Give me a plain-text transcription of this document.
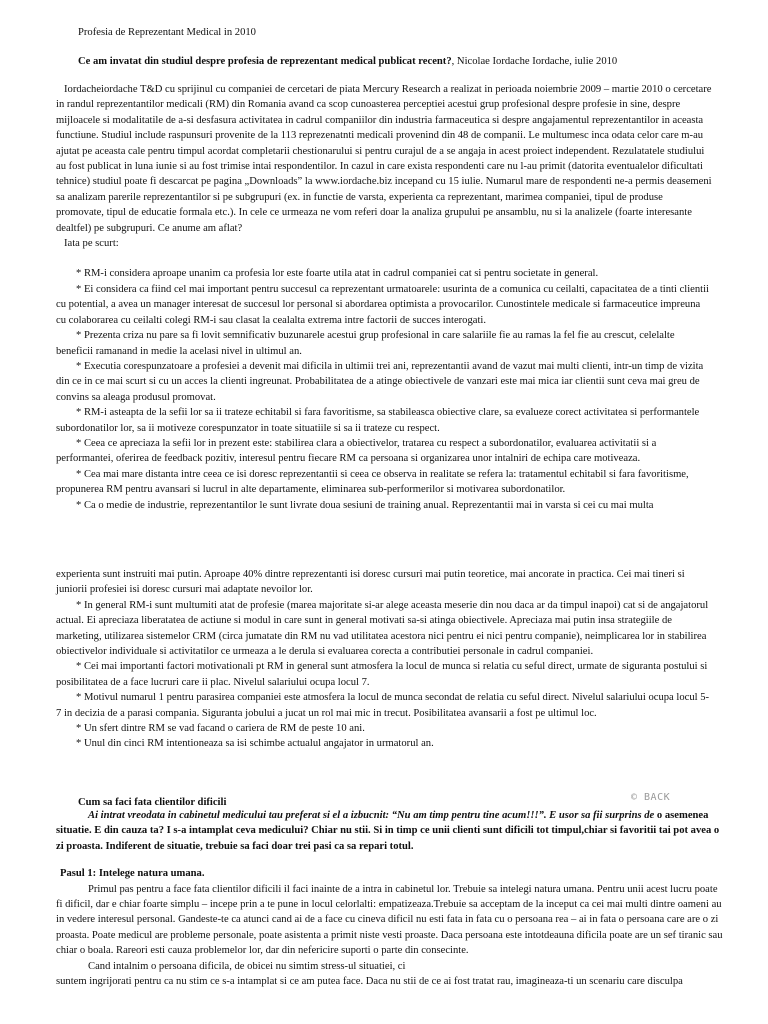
Profesia de Reprezentant Medical in 2010
Ce am invatat din studiul despre profesia de reprezentant medical publicat recent?, Nicolae Iordache Iordache, iulie 2010

Iordacheiordache T&D cu sprijinul cu companiei de cercetari de piata Mercury Research a realizat in perioada noiembrie 2009 – martie 2010 o cercetare in randul reprezentantilor medicali (RM) din Romania avand ca scop cunoasterea perceptiei acestui grup profesional despre profesie in sine, despre mijloacele si modalitatile de a-si desfasura activitatea in cadrul companiilor din industria farmaceutica si despre angajamentul reprezentantilor in aceasta functiune. Studiul include raspunsuri provenite de la 113 reprezenatnti medicali provenind din 48 de companii. Le multumesc inca odata celor care m-au ajutat pe aceasta cale pentru timpul acordat completarii chestionarului si pentru curajul de a se angaja in acest proiect independent. Rezulatatele studiului au fost publicat in luna iunie si au fost trimise intai respondentilor. In cazul in care exista respondenti care nu l-au primit (datorita eventualelor dificultati tehnice) studiul poate fi descarcat pe pagina „Downloads” la www.iordache.biz incepand cu 15 iulie. Numarul mare de respondenti ne-a permis deasemeni sa analizam parerile reprezentantilor si pe subgrupuri (ex. in functie de varsta, experienta ca reprezentant, marimea companiei, tipul de produse promovate, tipul de educatie formala etc.). In cele ce urmeaza ne vom referi doar la analiza grupului pe ansamblu, nu si la analizele (foarte interesante dealtfel) pe subgrupuri. Ce anume am aflat?

Iata pe scurt:

* RM-i considera aproape unanim ca profesia lor este foarte utila atat in cadrul companiei cat si pentru societate in general.

* Ei considera ca fiind cel mai important pentru succesul ca reprezentant urmatoarele: usurinta de a comunica cu ceilalti, capacitatea de a tinti clientii cu potential, a avea un manager interesat de succesul lor personal si abordarea optimista a provocarilor. Cunostintele medicale si farmaceutice impreuna cu colaborarea cu ceilalti colegi RM-i sau clasat la cealalta extrema intre factorii de succes interogati.

* Prezenta criza nu pare sa fi lovit semnificativ buzunarele acestui grup profesional in care salariile fie au ramas la fel fie au crescut, celelalte beneficii ramanand in medie la acelasi nivel in ultimul an.

* Executia corespunzatoare a profesiei a devenit mai dificila in ultimii trei ani, reprezentantii avand de vazut mai multi clienti, intr-un timp de vizita din ce in ce mai scurt si cu un acces la clienti ingreunat. Probabilitatea de a atinge obiectivele de vanzari este mai mica iar clientii sunt ceva mai greu de convins sa aleaga produsul promovat.

* RM-i asteapta de la sefii lor sa ii trateze echitabil si fara favoritisme, sa stabileasca obiective clare, sa evalueze corect activitatea si performantele subordonatilor lor, sa ii motiveze corespunzator in toate situatiile si sa ii trateze cu respect.

* Ceea ce apreciaza la sefii lor in prezent este: stabilirea clara a obiectivelor, tratarea cu respect a subordonatilor, evaluarea activitatii si a performantei, oferirea de feedback pozitiv, interesul pentru fiecare RM ca persoana si organizarea unor intalniri de echipa care motiveaza.

* Cea mai mare distanta intre ceea ce isi doresc reprezentantii si ceea ce observa in realitate se refera la: tratamentul echitabil si fara favoritisme, propunerea RM pentru avansari si lucrul in alte departamente, eliminarea sub-performerilor si motivarea subordonatilor.

* Ca o medie de industrie, reprezentantilor le sunt livrate doua sesiuni de training anual. Reprezentantii mai in varsta si cei cu mai multa

experienta sunt instruiti mai putin. Aproape 40% dintre reprezentanti isi doresc cursuri mai putin teoretice, mai ancorate in practica. Cei mai tineri si juniorii profesiei isi doresc cursuri mai adaptate nevoilor lor.

* In general RM-i sunt multumiti atat de profesie (marea majoritate si-ar alege aceasta meserie din nou daca ar da timpul inapoi) cat si de angajatorul actual. Ei apreciaza liberatatea de actiune si modul in care sunt in general motivati sa-si atinga obiectivele. Apreciaza mai putin insa strategiile de marketing, utilizarea sistemelor CRM (circa jumatate din RM nu vad utilitatea acestora nici pentru ei nici pentru companie), neimplicarea lor in stabilirea obiectivelor individuale si activitatilor ce urmeaza a le derula si evaluarea corecta a contributiei personale in cadrul companiei.

* Cei mai importanti factori motivationali pt RM in general sunt atmosfera la locul de munca si relatia cu seful direct, urmate de siguranta postului si posibilitatea de a face lucruri care ii plac. Nivelul salariului ocupa locul 7.

* Motivul numarul 1 pentru parasirea companiei este atmosfera la locul de munca secondat de relatia cu seful direct. Nivelul salariului ocupa locul 5-7 in decizia de a parasi compania. Siguranta jobului a jucat un rol mai mic in trecut. Posibilitatea avansarii a fost pe ultimul loc.

* Un sfert dintre RM se vad facand o cariera de RM de peste 10 ani.

* Unul din cinci RM intentioneaza sa isi schimbe actualul angajator in urmatorul an.

Cum sa faci fata clientilor dificili	© BACK

Ai intrat vreodata in cabinetul medicului tau preferat si el a izbucnit: “Nu am timp pentru tine acum!!!”. E usor sa fii surprins de o asemenea situatie. E din cauza ta? I s-a intamplat ceva medicului? Chiar nu stii. Si in timp ce unii clienti sunt dificili tot timpul,chiar si favoritii tai pot avea o zi proasta. Indiferent de situatie, trebuie sa faci doar trei pasi ca sa repari totul.

Pasul 1: Intelege natura umana.

Primul pas pentru a face fata clientilor dificili il faci inainte de a intra in cabinetul lor. Trebuie sa intelegi natura umana. Pentru unii acest lucru poate fi dificil, dar e chiar foarte simplu – incepe prin a te pune in locul celorlalti: empatizeaza.Trebuie sa acceptam de la inceput ca cei mai multi dintre oameni au in vedere interesul personal. Gandeste-te ca atunci cand ai de a face cu cineva dificil nu esti fata in fata cu o persoana rea – ai in fata o persoana care are o zi proasta. Poate medicul are probleme personale, poate asistenta a primit niste vesti proaste. Daca persoana este intotdeauna dificila poate are un sef tiranic sau chiar o boala. Rareori esti cauza problemelor lor, dar din nefericire suporti o parte din consecinte.

Cand intalnim o persoana dificila, de obicei nu simtim stress-ul situatiei, ci

suntem ingrijorati pentru ca nu stim ce s-a intamplat si ce am putea face. Daca nu stii de ce ai fost tratat rau, imagineaza-ti un scenariu care disculpa
